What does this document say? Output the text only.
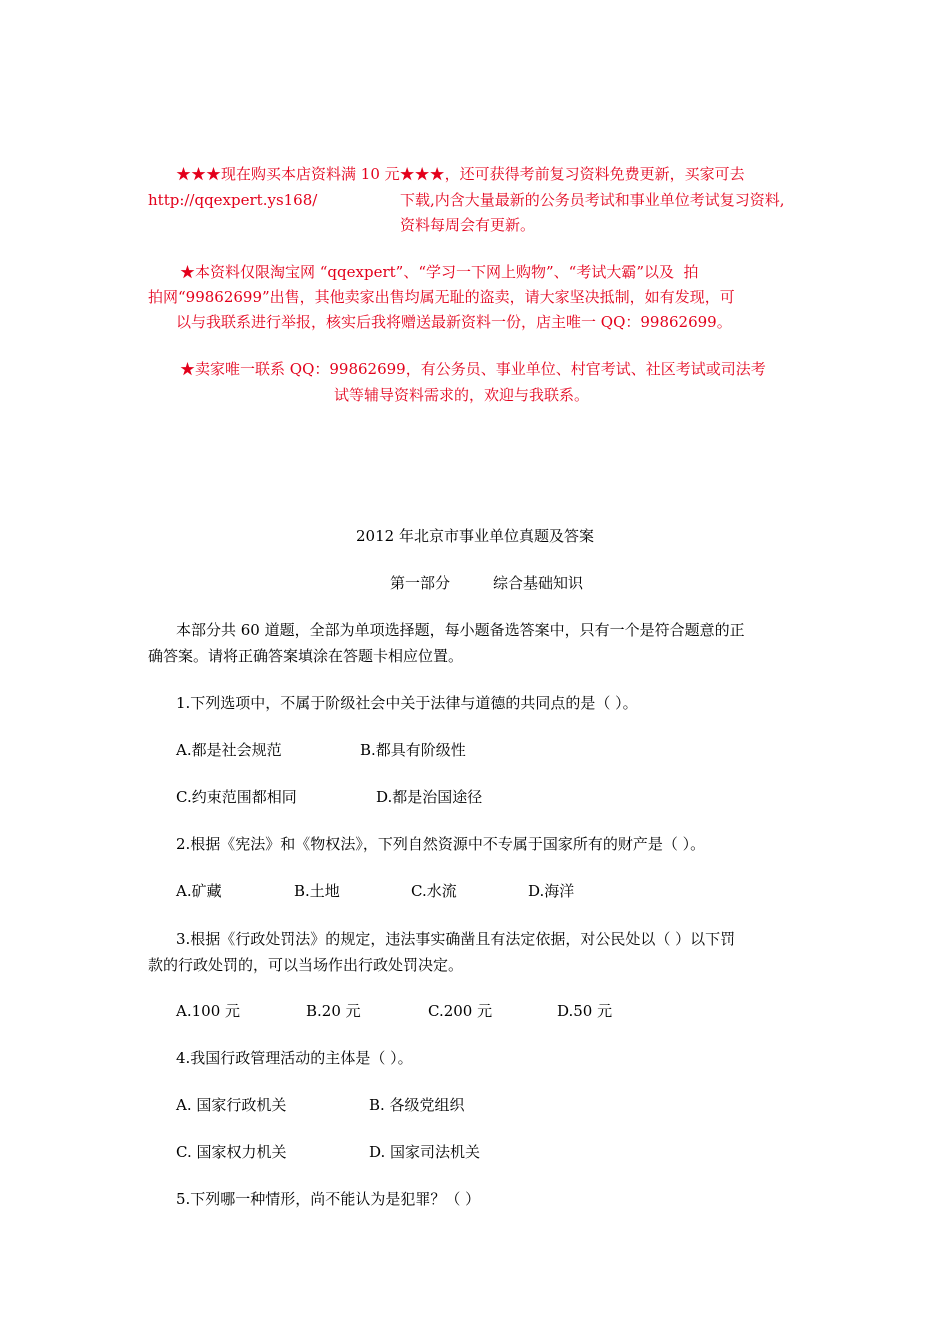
★★★现在购买本店资料满 10 元★★★，还可获得考前复习资料免费更新，买家可去
http://qqexpert.ys168/	下载,内含大量最新的公务员考试和事业单位考试复习资料,
资料每周会有更新。
★本资料仅限淘宝网 “qqexpert”、“学习一下网上购物”、“考试大霸”以及  拍
拍网“99862699”出售，其他卖家出售均属无耻的盗卖，请大家坚决抵制，如有发现，可
以与我联系进行举报，核实后我将赠送最新资料一份，店主唯一 QQ：99862699。
★卖家唯一联系 QQ：99862699，有公务员、事业单位、村官考试、社区考试或司法考
试等辅导资料需求的，欢迎与我联系。
2012 年北京市事业单位真题及答案
第一部分	综合基础知识
本部分共 60 道题，全部为单项选择题，每小题备选答案中，只有一个是符合题意的正
确答案。请将正确答案填涂在答题卡相应位置。
1.下列选项中，不属于阶级社会中关于法律与道德的共同点的是（ ）。
A.都是社会规范	B.都具有阶级性
C.约束范围都相同	D.都是治国途径
2.根据《宪法》和《物权法》，下列自然资源中不专属于国家所有的财产是（ ）。
A.矿藏	B.土地	C.水流	D.海洋
3.根据《行政处罚法》的规定，违法事实确凿且有法定依据，对公民处以（ ）以下罚
款的行政处罚的，可以当场作出行政处罚决定。
A.100 元	B.20 元	C.200 元	D.50 元
4.我国行政管理活动的主体是（ ）。
A. 国家行政机关	B. 各级党组织
C. 国家权力机关	D. 国家司法机关
5.下列哪一种情形，尚不能认为是犯罪？（ ）
